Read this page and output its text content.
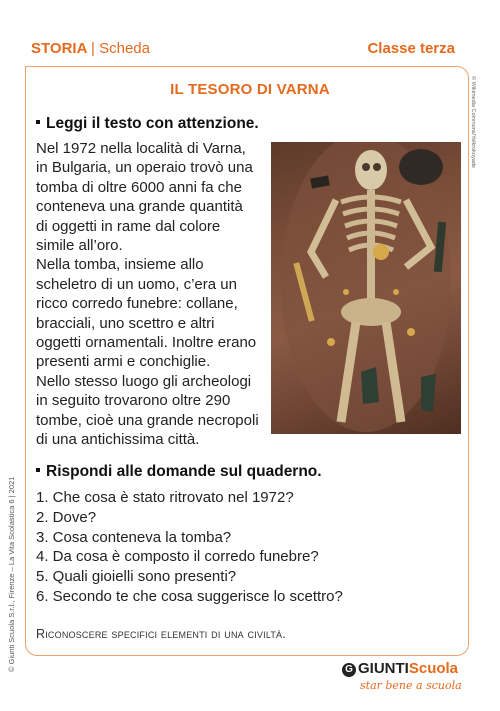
STORIA | Scheda	Classe terza
IL TESORO DI VARNA
Leggi il testo con attenzione.

Nel 1972 nella località di Varna,

in Bulgaria, un operaio trovò una

tomba di oltre 6000 anni fa che

conteneva una grande quantità

di oggetti in rame dal colore

simile all’oro.

Nella tomba, insieme allo

scheletro di un uomo, c’era un

ricco corredo funebre: collane,

bracciali, uno scettro e altri

oggetti ornamentali. Inoltre erano

presenti armi e conchiglie.

Nello stesso luogo gli archeologi

in seguito trovarono oltre 290

tombe, cioè una grande necropoli

di una antichissima città.

Rispondi alle domande sul quaderno.
1. Che cosa è stato ritrovato nel 1972?
2. Dove?
3. Cosa conteneva la tomba?
4. Da cosa è composto il corredo funebre?
5. Quali gioielli sono presenti?
6. Secondo te che cosa suggerisce lo scettro?
Riconoscere specifici elementi di una civiltà.
© Giunti Scuola S.r.l., Firenze – La Vita Scolastica 6 | 2021
© Wikimedia Commons/Yelkrokoyade
G GIUNTIScuola
star bene a scuola
